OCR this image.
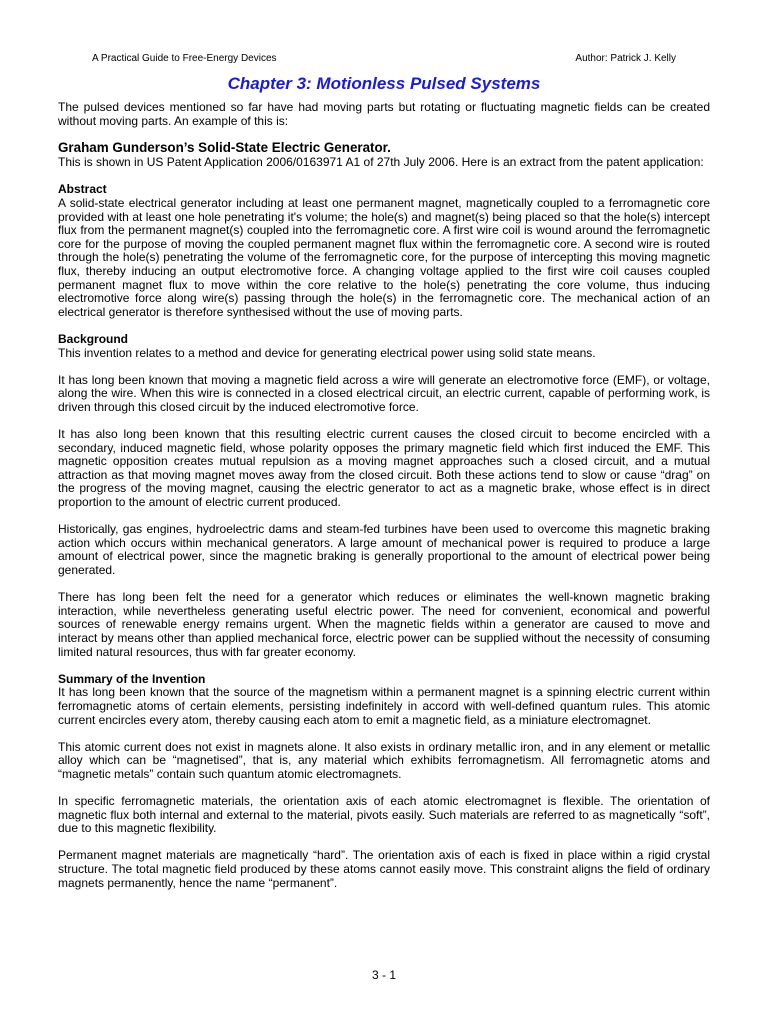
A Practical Guide to Free-Energy Devices	Author: Patrick J. Kelly
Chapter 3: Motionless Pulsed Systems

The pulsed devices mentioned so far have had moving parts but rotating or fluctuating magnetic fields can be created without moving parts. An example of this is:

Graham Gunderson’s Solid-State Electric Generator.

This is shown in US Patent Application 2006/0163971 A1 of 27th July 2006. Here is an extract from the patent application:

Abstract

A solid-state electrical generator including at least one permanent magnet, magnetically coupled to a ferromagnetic core provided with at least one hole penetrating it's volume; the hole(s) and magnet(s) being placed so that the hole(s) intercept flux from the permanent magnet(s) coupled into the ferromagnetic core. A first wire coil is wound around the ferromagnetic core for the purpose of moving the coupled permanent magnet flux within the ferromagnetic core. A second wire is routed through the hole(s) penetrating the volume of the ferromagnetic core, for the purpose of intercepting this moving magnetic flux, thereby inducing an output electromotive force. A changing voltage applied to the first wire coil causes coupled permanent magnet flux to move within the core relative to the hole(s) penetrating the core volume, thus inducing electromotive force along wire(s) passing through the hole(s) in the ferromagnetic core. The mechanical action of an electrical generator is therefore synthesised without the use of moving parts.

Background

This invention relates to a method and device for generating electrical power using solid state means.

It has long been known that moving a magnetic field across a wire will generate an electromotive force (EMF), or voltage, along the wire. When this wire is connected in a closed electrical circuit, an electric current, capable of performing work, is driven through this closed circuit by the induced electromotive force.

It has also long been known that this resulting electric current causes the closed circuit to become encircled with a secondary, induced magnetic field, whose polarity opposes the primary magnetic field which first induced the EMF. This magnetic opposition creates mutual repulsion as a moving magnet approaches such a closed circuit, and a mutual attraction as that moving magnet moves away from the closed circuit. Both these actions tend to slow or cause “drag” on the progress of the moving magnet, causing the electric generator to act as a magnetic brake, whose effect is in direct proportion to the amount of electric current produced.

Historically, gas engines, hydroelectric dams and steam-fed turbines have been used to overcome this magnetic braking action which occurs within mechanical generators. A large amount of mechanical power is required to produce a large amount of electrical power, since the magnetic braking is generally proportional to the amount of electrical power being generated.

There has long been felt the need for a generator which reduces or eliminates the well-known magnetic braking interaction, while nevertheless generating useful electric power. The need for convenient, economical and powerful sources of renewable energy remains urgent. When the magnetic fields within a generator are caused to move and interact by means other than applied mechanical force, electric power can be supplied without the necessity of consuming limited natural resources, thus with far greater economy.

Summary of the Invention

It has long been known that the source of the magnetism within a permanent magnet is a spinning electric current within ferromagnetic atoms of certain elements, persisting indefinitely in accord with well-defined quantum rules. This atomic current encircles every atom, thereby causing each atom to emit a magnetic field, as a miniature electromagnet.

This atomic current does not exist in magnets alone. It also exists in ordinary metallic iron, and in any element or metallic alloy which can be “magnetised”, that is, any material which exhibits ferromagnetism. All ferromagnetic atoms and “magnetic metals” contain such quantum atomic electromagnets.

In specific ferromagnetic materials, the orientation axis of each atomic electromagnet is flexible. The orientation of magnetic flux both internal and external to the material, pivots easily. Such materials are referred to as magnetically “soft”, due to this magnetic flexibility.

Permanent magnet materials are magnetically “hard”. The orientation axis of each is fixed in place within a rigid crystal structure. The total magnetic field produced by these atoms cannot easily move. This constraint aligns the field of ordinary magnets permanently, hence the name “permanent”.

3 - 1
